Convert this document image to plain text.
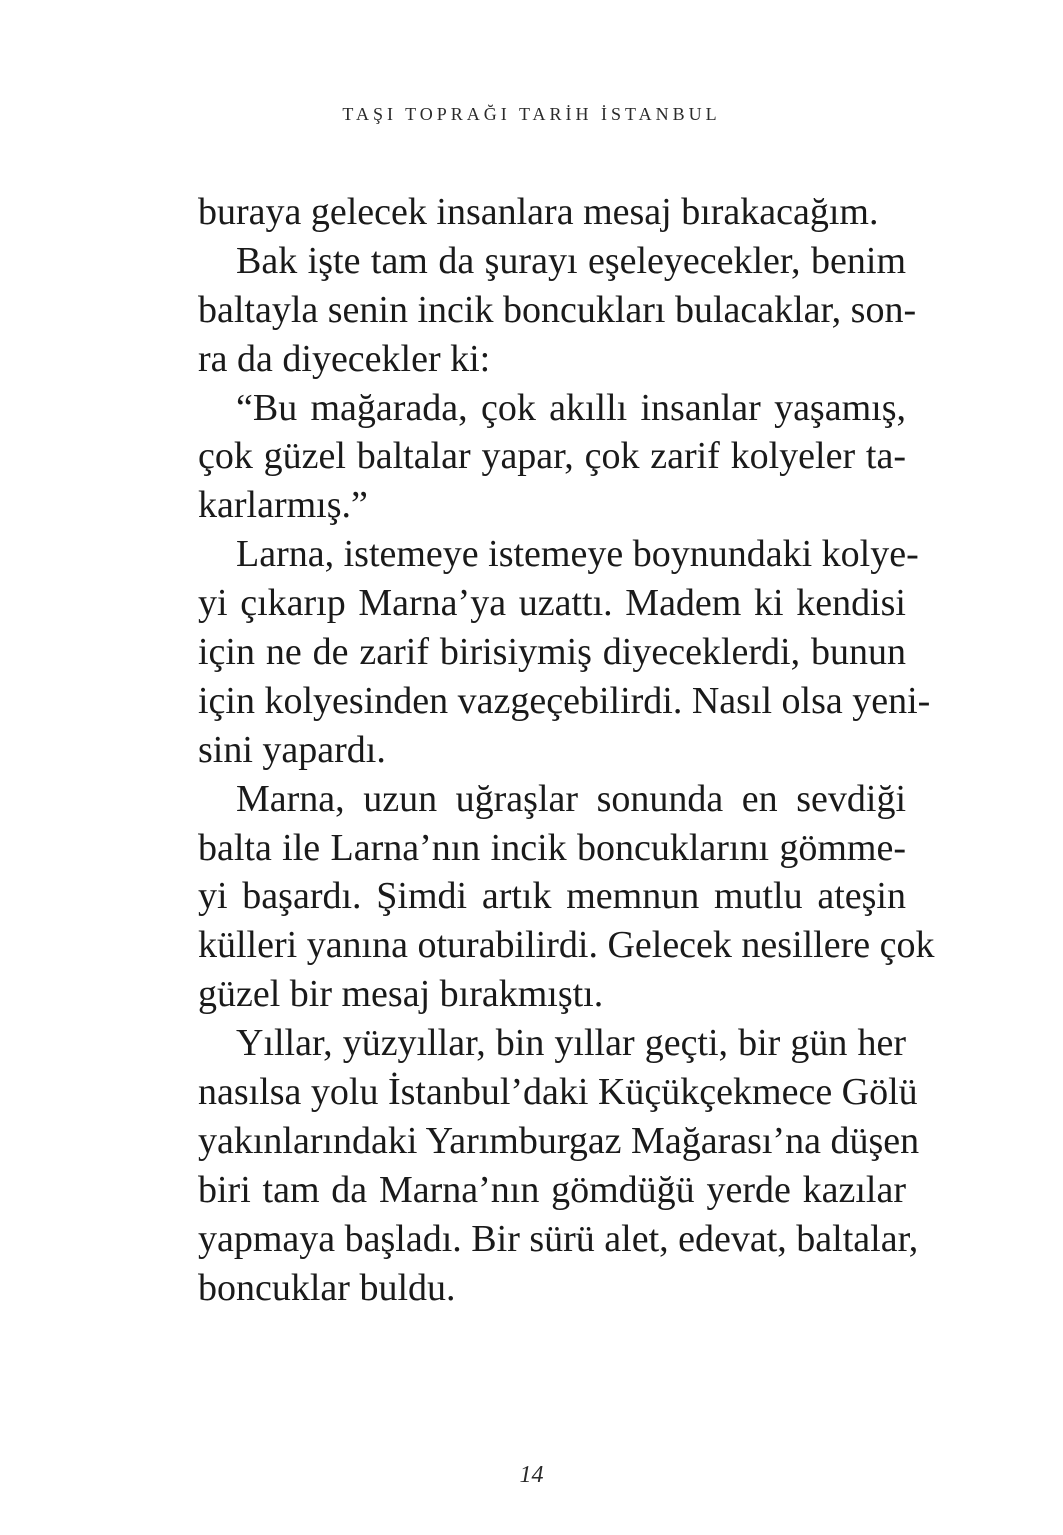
TAŞI TOPRAĞI TARİH İSTANBUL
buraya gelecek insanlara mesaj bırakacağım.
Bak işte tam da şurayı eşeleyecekler, benim
baltayla senin incik boncukları bulacaklar, son-
ra da diyecekler ki:
“Bu mağarada, çok akıllı insanlar yaşamış,
çok güzel baltalar yapar, çok zarif kolyeler ta-
karlarmış.”
Larna, istemeye istemeye boynundaki kolye-
yi çıkarıp Marna’ya uzattı. Madem ki kendisi
için ne de zarif birisiymiş diyeceklerdi, bunun
için kolyesinden vazgeçebilirdi. Nasıl olsa yeni-
sini yapardı.
Marna, uzun uğraşlar sonunda en sevdiği
balta ile Larna’nın incik boncuklarını gömme-
yi başardı. Şimdi artık memnun mutlu ateşin
külleri yanına oturabilirdi. Gelecek nesillere çok
güzel bir mesaj bırakmıştı.
Yıllar, yüzyıllar, bin yıllar geçti, bir gün her
nasılsa yolu İstanbul’daki Küçükçekmece Gölü
yakınlarındaki Yarımburgaz Mağarası’na düşen
biri tam da Marna’nın gömdüğü yerde kazılar
yapmaya başladı. Bir sürü alet, edevat, baltalar,
boncuklar buldu.
14
